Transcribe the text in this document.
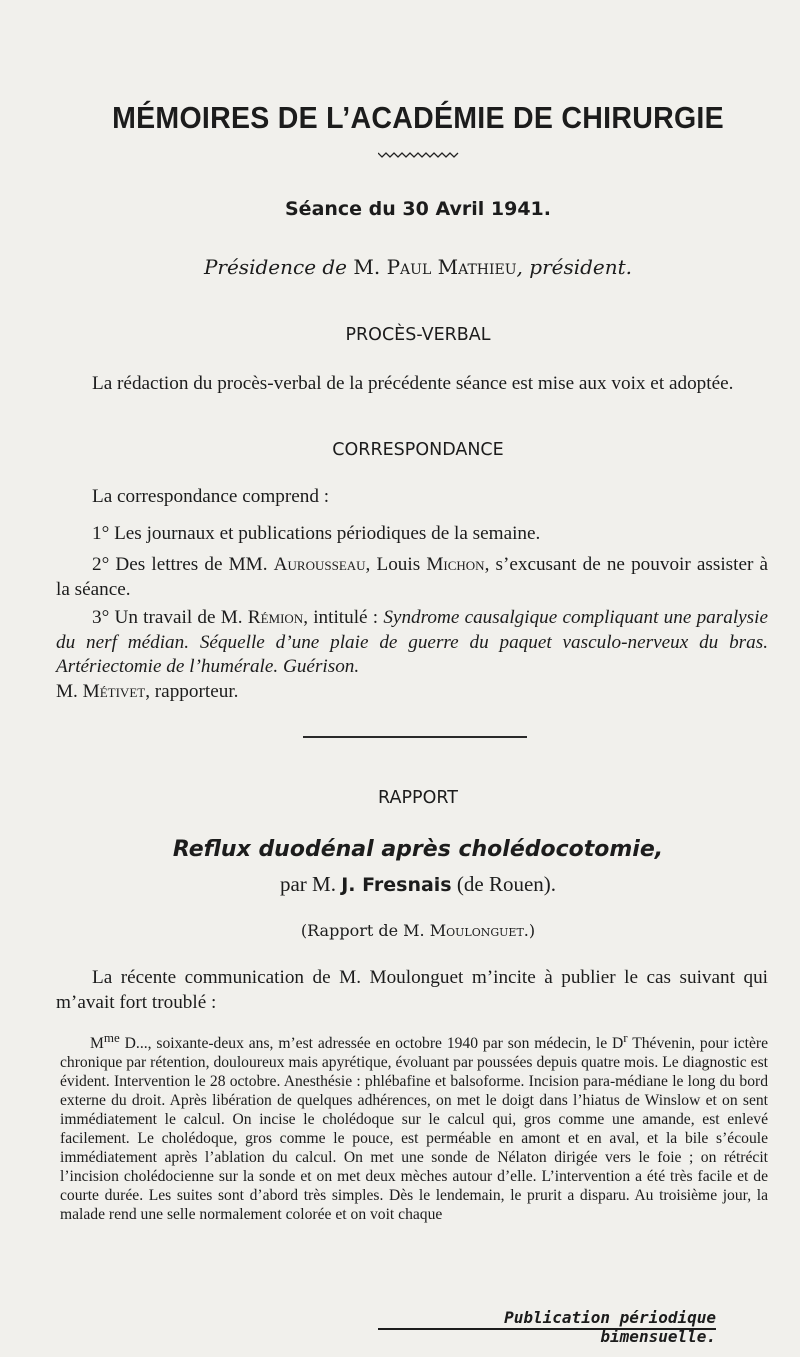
MÉMOIRES DE L’ACADÉMIE DE CHIRURGIE
Séance du 30 Avril 1941.
Présidence de M. Paul Mathieu, président.
PROCÈS-VERBAL

La rédaction du procès-verbal de la précédente séance est mise aux voix et adoptée.

CORRESPONDANCE

La correspondance comprend :

1° Les journaux et publications périodiques de la semaine.

2° Des lettres de MM. Aurousseau, Louis Michon, s’excusant de ne pouvoir assister à la séance.

3° Un travail de M. Rémion, intitulé : Syndrome causalgique compliquant une paralysie du nerf médian. Séquelle d’une plaie de guerre du paquet vasculo-nerveux du bras. Artériectomie de l’humérale. Guérison.
M. Métivet, rapporteur.

RAPPORT
Reflux duodénal après cholédocotomie,
par M. J. Fresnais (de Rouen).
(Rapport de M. Moulonguet.)

La récente communication de M. Moulonguet m’incite à publier le cas suivant qui m’avait fort troublé :

$M^{me}$ D..., soixante-deux ans, m’est adressée en octobre 1940 par son médecin, le $D^r$ Thévenin, pour ictère chronique par rétention, douloureux mais apyrétique, évoluant par poussées depuis quatre mois. Le diagnostic est évident. Intervention le 28 octobre. Anesthésie : phlébafine et balsoforme. Incision para-médiane le long du bord externe du droit. Après libération de quelques adhérences, on met le doigt dans l’hiatus de Winslow et on sent immédiatement le calcul. On incise le cholédoque sur le calcul qui, gros comme une amande, est enlevé facilement. Le cholédoque, gros comme le pouce, est perméable en amont et en aval, et la bile s’écoule immédiatement après l’ablation du calcul. On met une sonde de Nélaton dirigée vers le foie ; on rétrécit l’incision cholédocienne sur la sonde et on met deux mèches autour d’elle. L’intervention a été très facile et de courte durée. Les suites sont d’abord très simples. Dès le lendemain, le prurit a disparu. Au troisième jour, la malade rend une selle normalement colorée et on voit chaque

Publication périodique bimensuelle.
